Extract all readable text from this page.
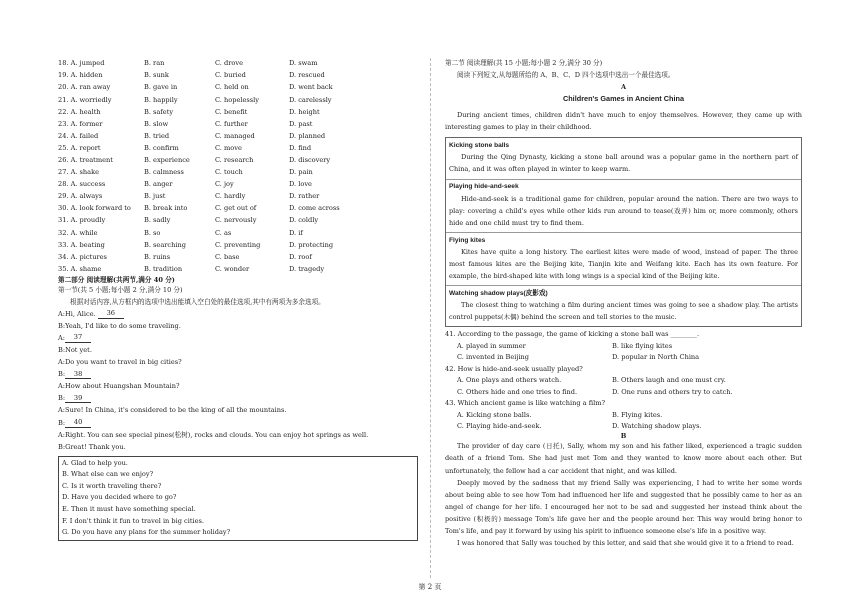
18. A. jumped	B. ran	C. drove	D. swam
19. A. hidden	B. sunk	C. buried	D. rescued
20. A. ran away	B. gave in	C. held on	D. went back
21. A. worriedly	B. happily	C. hopelessly	D. carelessly
22. A. health	B. safety	C. benefit	D. height
23. A. former	B. slow	C. further	D. past
24. A. failed	B. tried	C. managed	D. planned
25. A. report	B. confirm	C. move	D. find
26. A. treatment	B. experience	C. research	D. discovery
27. A. shake	B. calmness	C. touch	D. pain
28. A. success	B. anger	C. joy	D. love
29. A. always	B. just	C. hardly	D. rather
30. A. look forward to	B. break into	C. get out of	D. come across
31. A. proudly	B. sadly	C. nervously	D. coldly
32. A. while	B. so	C. as	D. if
33. A. beating	B. searching	C. preventing	D. protecting
34. A. pictures	B. ruins	C. base	D. roof
35. A. shame	B. tradition	C. wonder	D. tragedy
第二部分 阅读理解(共两节,满分 40 分)
第一节(共 5 小题;每小题 2 分,满分 10 分)
根据对话内容,从方框内的选项中选出能填入空白处的最佳选项,其中有两项为多余选项。
A:Hi, Alice.	36
B:Yeah, I'd like to do some traveling.
A:	37
B:Not yet.
A:Do you want to travel in big cities?
B:	38
A:How about Huangshan Mountain?
B:	39
A:Sure! In China, it's considered to be the king of all the mountains.
B:	40
A:Right. You can see special pines(松树), rocks and clouds. You can enjoy hot springs as well.
B:Great! Thank you.
A. Glad to help you.
B. What else can we enjoy?
C. Is it worth traveling there?
D. Have you decided where to go?
E. Then it must have something special.
F. I don't think it fun to travel in big cities.
G. Do you have any plans for the summer holiday?
第二节 阅读理解(共 15 小题;每小题 2 分,满分 30 分)
阅读下列短文,从每题所给的 A、B、C、D 四个选项中选出一个最佳选项。
A
Children's Games in Ancient China

During ancient times, children didn't have much to enjoy themselves. However, they came up with interesting games to play in their childhood.

Kicking stone balls

During the Qing Dynasty, kicking a stone ball around was a popular game in the northern part of China, and it was often played in winter to keep warm.

Playing hide-and-seek

Hide-and-seek is a traditional game for children, popular around the nation. There are two ways to play: covering a child's eyes while other kids run around to tease(戏弄) him or, more commonly, others hide and one child must try to find them.

Flying kites

Kites have quite a long history. The earliest kites were made of wood, instead of paper. The three most famous kites are the Beijing kite, Tianjin kite and Weifang kite. Each has its own feature. For example, the bird-shaped kite with long wings is a special kind of the Beijing kite.

Watching shadow plays(皮影戏)

The closest thing to watching a film during ancient times was going to see a shadow play. The artists control puppets(木偶) behind the screen and tell stories to the music.

41. According to the passage, the game of kicking a stone ball was ________.
A. played in summer	B. like flying kites
C. invented in Beijing	D. popular in North China
42. How is hide-and-seek usually played?
A. One plays and others watch.	B. Others laugh and one must cry.
C. Others hide and one tries to find.	D. One runs and others try to catch.
43. Which ancient game is like watching a film?
A. Kicking stone balls.	B. Flying kites.
C. Playing hide-and-seek.	D. Watching shadow plays.
B

The provider of day care (日托), Sally, whom my son and his father liked, experienced a tragic sudden death of a friend Tom. She had just met Tom and they wanted to know more about each other. But unfortunately, the fellow had a car accident that night, and was killed.

Deeply moved by the sadness that my friend Sally was experiencing, I had to write her some words about being able to see how Tom had influenced her life and suggested that he possibly came to her as an angel of change for her life. I encouraged her not to be sad and suggested her instead think about the positive (积极的) message Tom's life gave her and the people around her. This way would bring honor to Tom's life, and pay it forward by using his spirit to influence someone else's life in a positive way.

I was honored that Sally was touched by this letter, and said that she would give it to a friend to read.

第 2 页
